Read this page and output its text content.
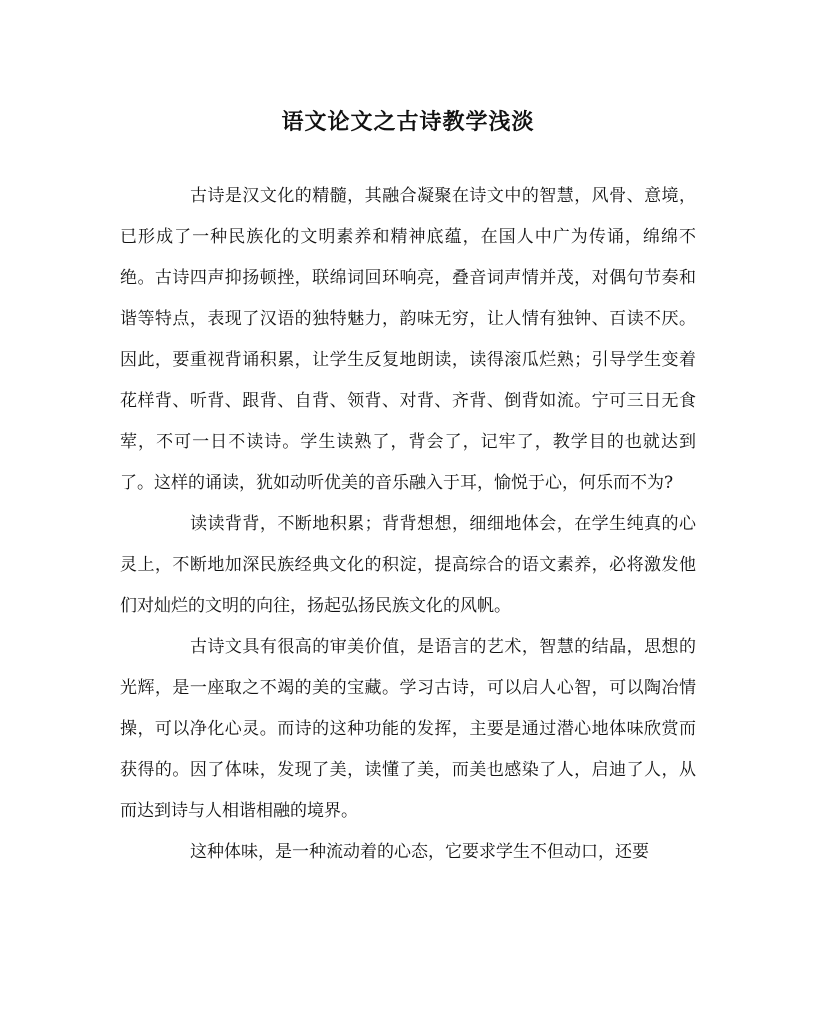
语文论文之古诗教学浅淡

古诗是汉文化的精髓，其融合凝聚在诗文中的智慧，风骨、意境，已形成了一种民族化的文明素养和精神底蕴，在国人中广为传诵，绵绵不绝。古诗四声抑扬顿挫，联绵词回环响亮，叠音词声情并茂，对偶句节奏和谐等特点，表现了汉语的独特魅力，韵味无穷，让人情有独钟、百读不厌。因此，要重视背诵积累，让学生反复地朗读，读得滚瓜烂熟；引导学生变着花样背、听背、跟背、自背、领背、对背、齐背、倒背如流。宁可三日无食荤，不可一日不读诗。学生读熟了，背会了，记牢了，教学目的也就达到了。这样的诵读，犹如动听优美的音乐融入于耳，愉悦于心，何乐而不为?

读读背背，不断地积累；背背想想，细细地体会，在学生纯真的心灵上，不断地加深民族经典文化的积淀，提高综合的语文素养，必将激发他们对灿烂的文明的向往，扬起弘扬民族文化的风帆。

古诗文具有很高的审美价值，是语言的艺术，智慧的结晶，思想的光辉，是一座取之不竭的美的宝藏。学习古诗，可以启人心智，可以陶冶情操，可以净化心灵。而诗的这种功能的发挥，主要是通过潜心地体味欣赏而获得的。因了体味，发现了美，读懂了美，而美也感染了人，启迪了人，从而达到诗与人相谐相融的境界。

这种体味，是一种流动着的心态，它要求学生不但动口，还要
